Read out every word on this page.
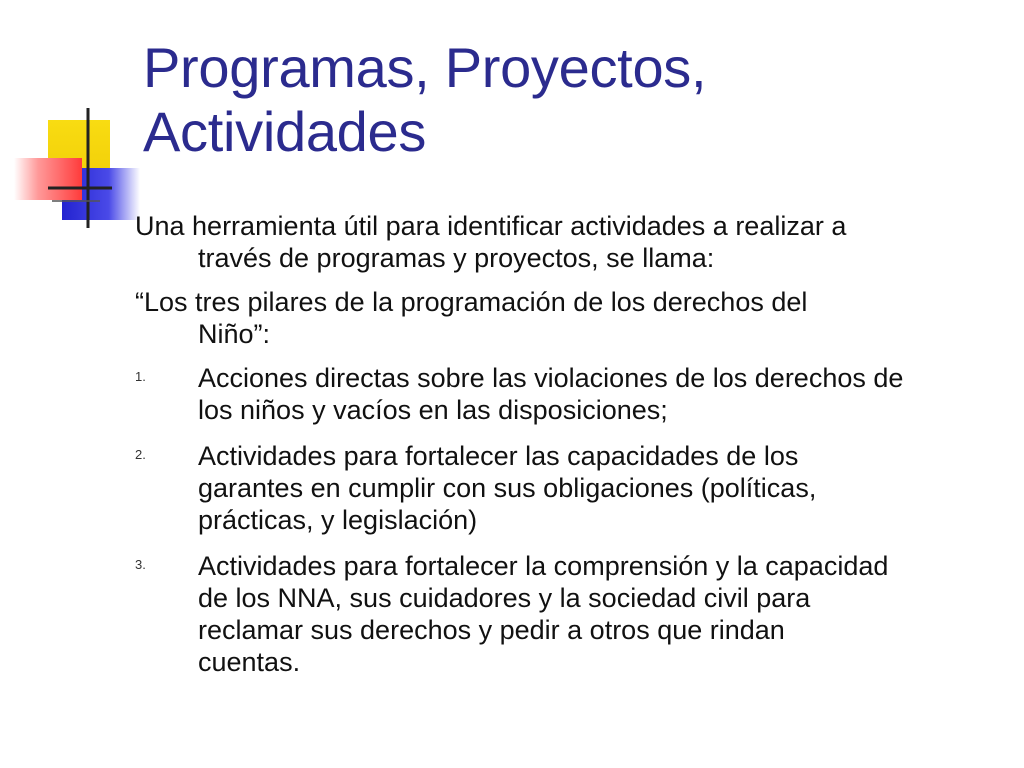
Programas, Proyectos,
Actividades

Una herramienta útil para identificar actividades a realizar a
través de programas y proyectos, se llama:

“Los tres pilares de la programación de los derechos del
Niño”:

1. Acciones directas sobre las violaciones de los derechos de
los niños y vacíos en las disposiciones;
2. Actividades para fortalecer las capacidades de los
garantes en cumplir con sus obligaciones (políticas,
prácticas, y legislación)
3. Actividades para fortalecer la comprensión y la capacidad
de los NNA, sus cuidadores y la sociedad civil para
reclamar sus derechos y pedir a otros que rindan
cuentas.
